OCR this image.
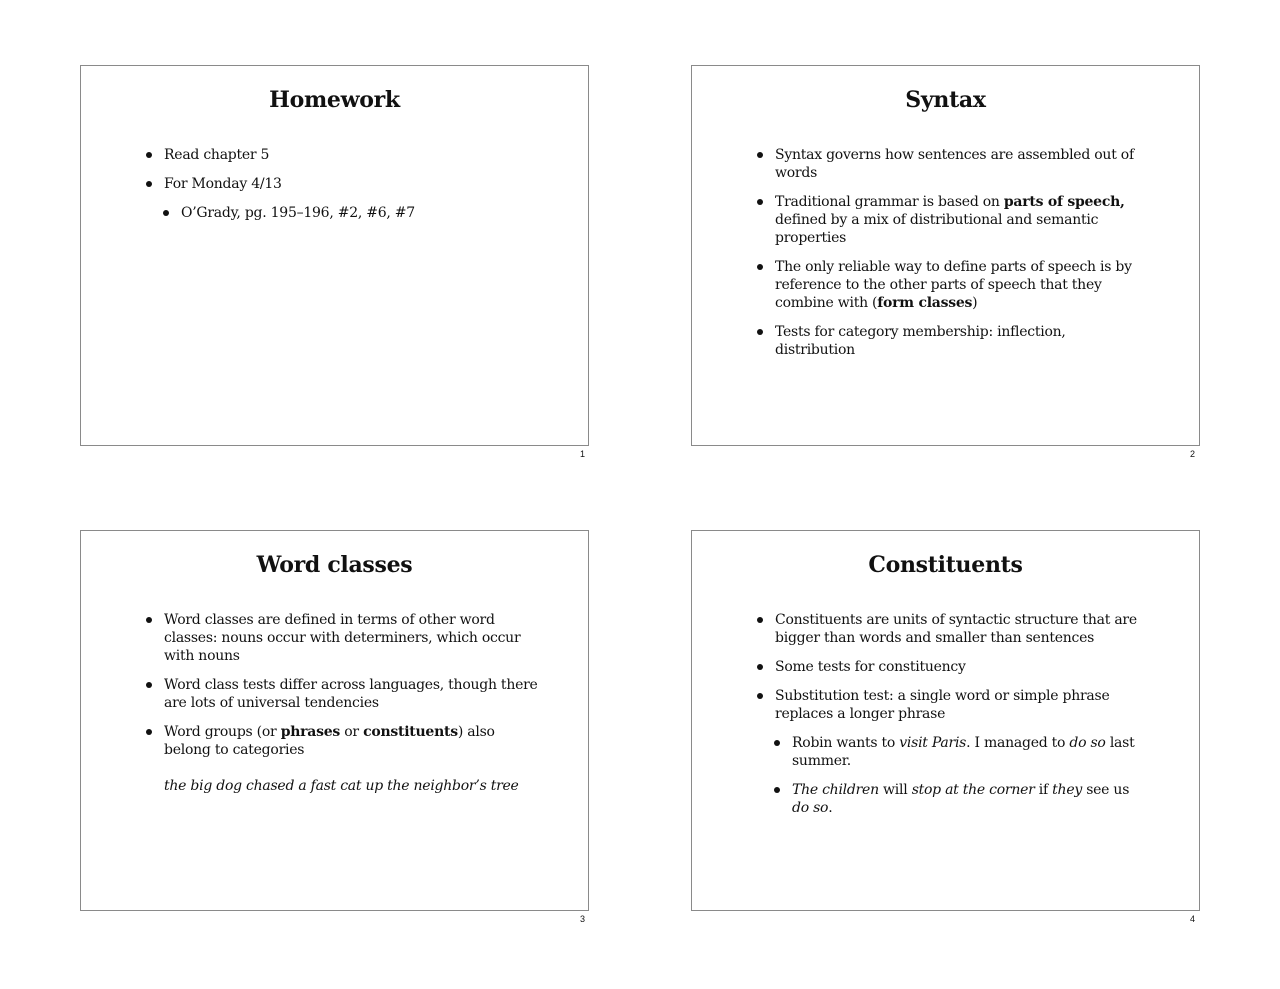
Homework
Read chapter 5
For Monday 4/13
O’Grady, pg. 195–196, #2, #6, #7
1
Syntax
Syntax governs how sentences are assembled out of words
Traditional grammar is based on parts of speech, defined by a mix of distributional and semantic properties
The only reliable way to define parts of speech is by reference to the other parts of speech that they combine with (form classes)
Tests for category membership: inflection, distribution
2
Word classes
Word classes are defined in terms of other word classes: nouns occur with determiners, which occur with nouns
Word class tests differ across languages, though there are lots of universal tendencies
Word groups (or phrases or constituents) also belong to categories
the big dog chased a fast cat up the neighbor’s tree
3
Constituents
Constituents are units of syntactic structure that are bigger than words and smaller than sentences
Some tests for constituency
Substitution test: a single word or simple phrase replaces a longer phrase
Robin wants to visit Paris. I managed to do so last summer.
The children will stop at the corner if they see us do so.
4
